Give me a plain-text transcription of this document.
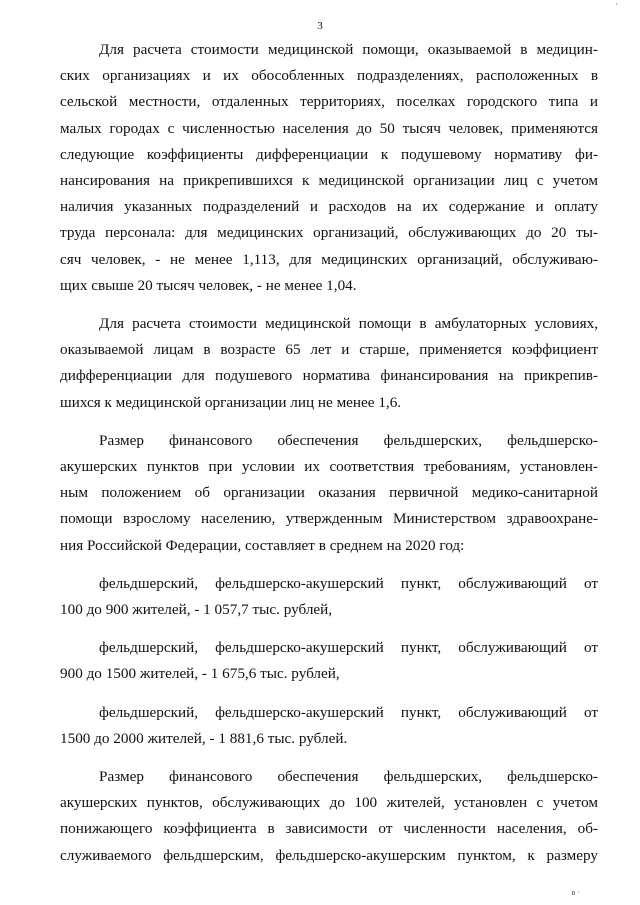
·
3
Для расчета стоимости медицинской помощи, оказываемой в медицин-
ских организациях и их обособленных подразделениях, расположенных в
сельской местности, отдаленных территориях, поселках городского типа и
малых городах с численностью населения до 50 тысяч человек, применяются
следующие коэффициенты дифференциации к подушевому нормативу фи-
нансирования на прикрепившихся к медицинской организации лиц с учетом
наличия указанных подразделений и расходов на их содержание и оплату
труда персонала: для медицинских организаций, обслуживающих до 20 ты-
сяч человек, - не менее 1,113, для медицинских организаций, обслуживаю-
щих свыше 20 тысяч человек, - не менее 1,04.
Для расчета стоимости медицинской помощи в амбулаторных условиях,
оказываемой лицам в возрасте 65 лет и старше, применяется коэффициент
дифференциации для подушевого норматива финансирования на прикрепив-
шихся к медицинской организации лиц не менее 1,6.
Размер финансового обеспечения фельдшерских, фельдшерско-
акушерских пунктов при условии их соответствия требованиям, установлен-
ным положением об организации оказания первичной медико-санитарной
помощи взрослому населению, утвержденным Министерством здравоохране-
ния Российской Федерации, составляет в среднем на 2020 год:
фельдшерский, фельдшерско-акушерский пункт, обслуживающий от
100 до 900 жителей, - 1 057,7 тыс. рублей,
фельдшерский, фельдшерско-акушерский пункт, обслуживающий от
900 до 1500 жителей, - 1 675,6 тыс. рублей,
фельдшерский, фельдшерско-акушерский пункт, обслуживающий от
1500 до 2000 жителей, - 1 881,6 тыс. рублей.
Размер финансового обеспечения фельдшерских, фельдшерско-
акушерских пунктов, обслуживающих до 100 жителей, установлен с учетом
понижающего коэффициента в зависимости от численности населения, об-
служиваемого фельдшерским, фельдшерско-акушерским пунктом, к размеру
в ·
